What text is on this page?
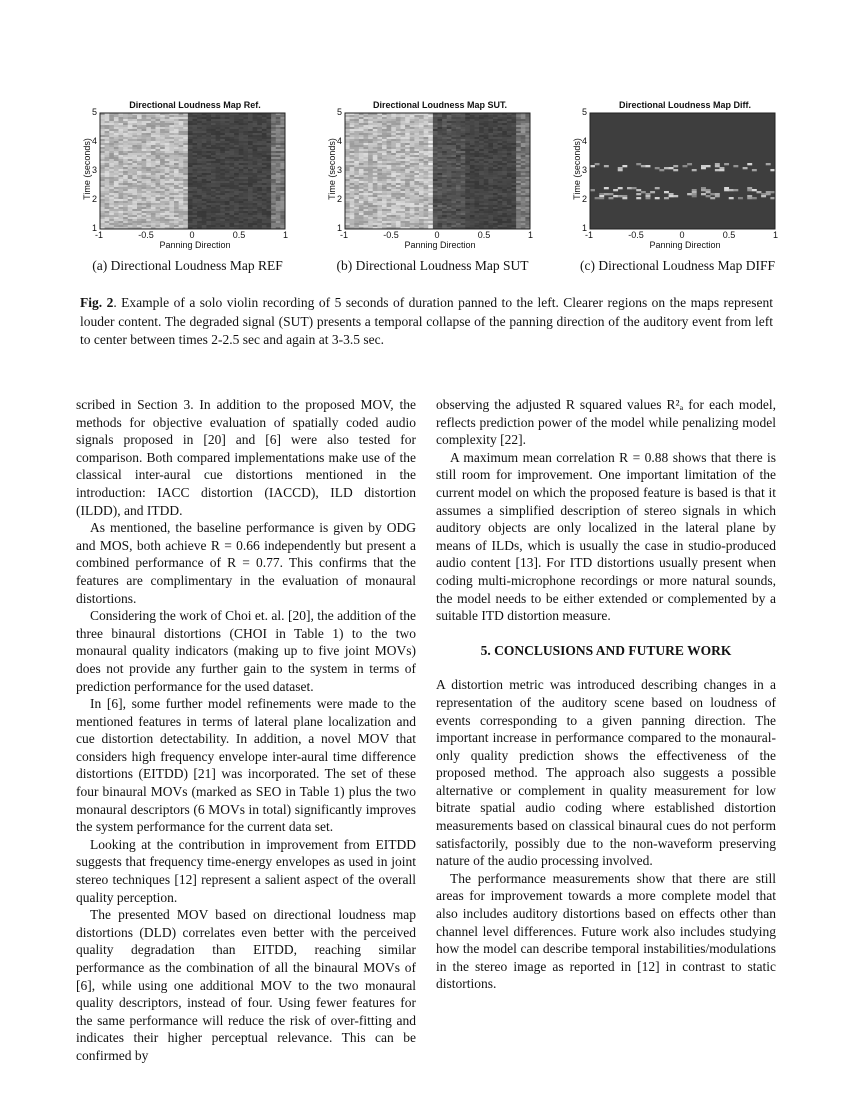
Directional Loudness Map Ref.
Time (seconds)
Panning Direction
(a) Directional Loudness Map REF
5
4
3
2
1
-1	-0.5	0	0.5	1
Directional Loudness Map SUT.
Time (seconds)
Panning Direction
(b) Directional Loudness Map SUT
5
4
3
2
1
-1	-0.5	0	0.5	1
Directional Loudness Map Diff.
Time (seconds)
Panning Direction
(c) Directional Loudness Map DIFF
5
4
3
2
1
-1	-0.5	0	0.5	1
Fig. 2. Example of a solo violin recording of 5 seconds of duration panned to the left. Clearer regions on the maps represent louder content. The degraded signal (SUT) presents a temporal collapse of the panning direction of the auditory event from left to center between times 2-2.5 sec and again at 3-3.5 sec.

scribed in Section 3. In addition to the proposed MOV, the methods for objective evaluation of spatially coded audio signals proposed in [20] and [6] were also tested for comparison. Both compared implementations make use of the classical inter-aural cue distortions mentioned in the introduction: IACC distortion (IACCD), ILD distortion (ILDD), and ITDD.

As mentioned, the baseline performance is given by ODG and MOS, both achieve R = 0.66 independently but present a combined performance of R = 0.77. This confirms that the features are complimentary in the evaluation of monaural distortions.

Considering the work of Choi et. al. [20], the addition of the three binaural distortions (CHOI in Table 1) to the two monaural quality indicators (making up to five joint MOVs) does not provide any further gain to the system in terms of prediction performance for the used dataset.

In [6], some further model refinements were made to the mentioned features in terms of lateral plane localization and cue distortion detectability. In addition, a novel MOV that considers high frequency envelope inter-aural time difference distortions (EITDD) [21] was incorporated. The set of these four binaural MOVs (marked as SEO in Table 1) plus the two monaural descriptors (6 MOVs in total) significantly improves the system performance for the current data set.

Looking at the contribution in improvement from EITDD suggests that frequency time-energy envelopes as used in joint stereo techniques [12] represent a salient aspect of the overall quality perception.

The presented MOV based on directional loudness map distortions (DLD) correlates even better with the perceived quality degradation than EITDD, reaching similar performance as the combination of all the binaural MOVs of [6], while using one additional MOV to the two monaural quality descriptors, instead of four. Using fewer features for the same performance will reduce the risk of over-fitting and indicates their higher perceptual relevance. This can be confirmed by

observing the adjusted R squared values R²ₐ for each model, reflects prediction power of the model while penalizing model complexity [22].

A maximum mean correlation R = 0.88 shows that there is still room for improvement. One important limitation of the current model on which the proposed feature is based is that it assumes a simplified description of stereo signals in which auditory objects are only localized in the lateral plane by means of ILDs, which is usually the case in studio-produced audio content [13]. For ITD distortions usually present when coding multi-microphone recordings or more natural sounds, the model needs to be either extended or complemented by a suitable ITD distortion measure.

5. CONCLUSIONS AND FUTURE WORK

A distortion metric was introduced describing changes in a representation of the auditory scene based on loudness of events corresponding to a given panning direction. The important increase in performance compared to the monaural-only quality prediction shows the effectiveness of the proposed method. The approach also suggests a possible alternative or complement in quality measurement for low bitrate spatial audio coding where established distortion measurements based on classical binaural cues do not perform satisfactorily, possibly due to the non-waveform preserving nature of the audio processing involved.

The performance measurements show that there are still areas for improvement towards a more complete model that also includes auditory distortions based on effects other than channel level differences. Future work also includes studying how the model can describe temporal instabilities/modulations in the stereo image as reported in [12] in contrast to static distortions.
